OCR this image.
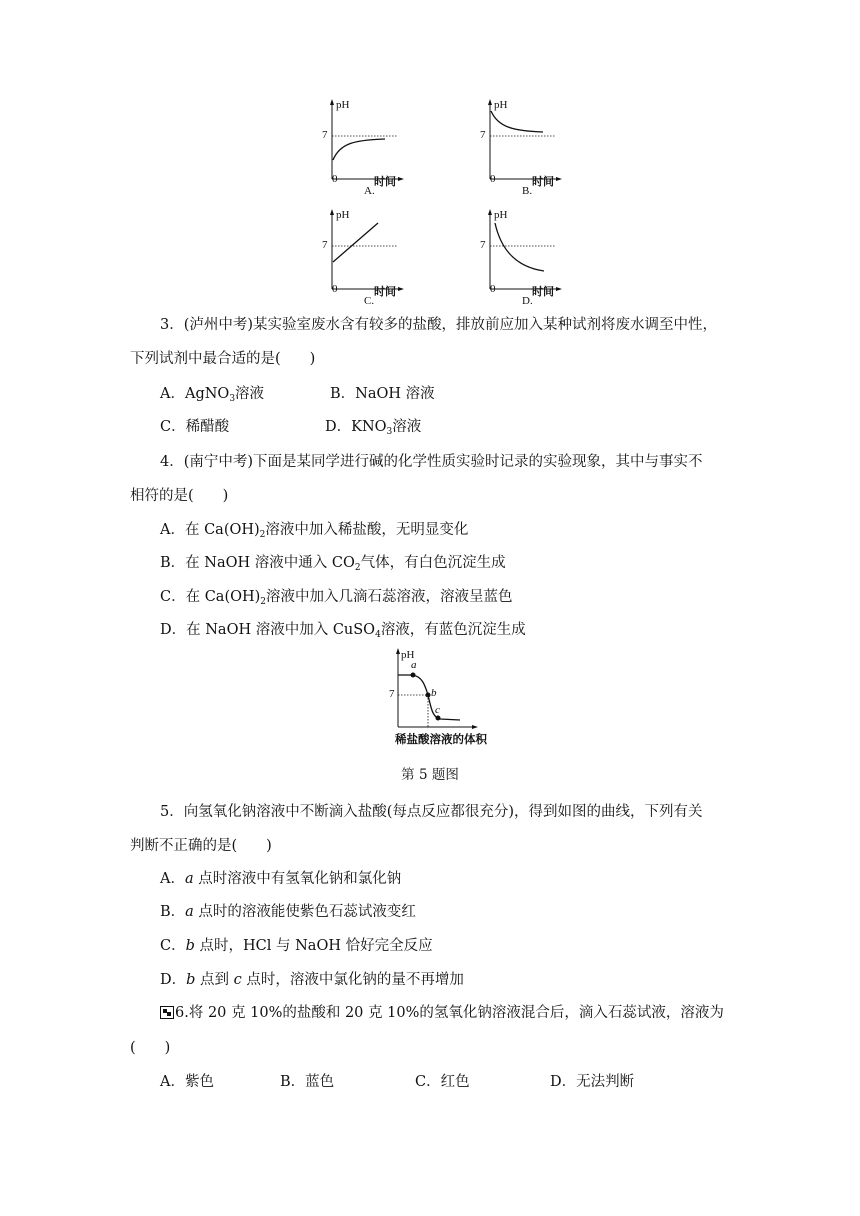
pH
7
0	时间
A.
pH
7
0	时间
B.
pH
7
0	时间
C.
pH
7
0	时间
D.
3．(泸州中考)某实验室废水含有较多的盐酸，排放前应加入某种试剂将废水调至中性，
下列试剂中最合适的是(　　)
A．AgNO$_3$溶液	B．NaOH 溶液
C．稀醋酸	D．$KNO_3$溶液
4．(南宁中考)下面是某同学进行碱的化学性质实验时记录的实验现象，其中与事实不
相符的是(　　)
A．在 $Ca(OH)_2$溶液中加入稀盐酸，无明显变化
B．在 NaOH 溶液中通入 $CO_2$气体，有白色沉淀生成
C．在 $Ca(OH)_2$溶液中加入几滴石蕊溶液，溶液呈蓝色
D．在 NaOH 溶液中加入 CuSO$_4$溶液，有蓝色沉淀生成
pH
7
a
b
c
稀盐酸溶液的体积
第 5 题图
5．向氢氧化钠溶液中不断滴入盐酸(每点反应都很充分)，得到如图的曲线，下列有关
判断不正确的是(　　)
A．a 点时溶液中有氢氧化钠和氯化钠
B．a 点时的溶液能使紫色石蕊试液变红
C．b 点时，HCl 与 NaOH 恰好完全反应
D．b 点到 c 点时，溶液中氯化钠的量不再增加
6.将 20 克 10%的盐酸和 20 克 10%的氢氧化钠溶液混合后，滴入石蕊试液，溶液为
(　　)
A．紫色	B．蓝色	C．红色	D．无法判断
